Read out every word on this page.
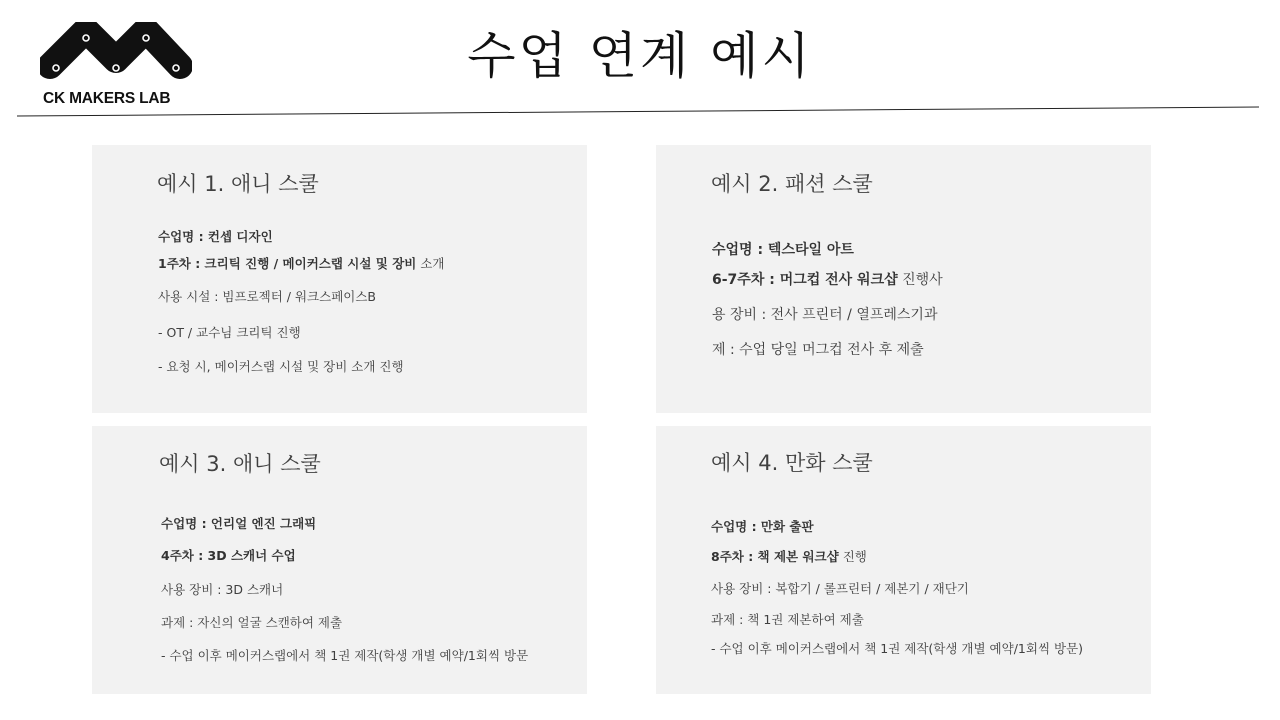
CK MAKERS LAB
수업 연계 예시
예시 1. 애니 스쿨

수업명 : 컨셉 디자인

1주차 : 크리틱 진행 / 메이커스랩 시설 및 장비 소개

사용 시설 : 빔프로젝터 / 워크스페이스B

- OT / 교수님 크리틱 진행

- 요청 시, 메이커스랩 시설 및 장비 소개 진행

예시 2. 패션 스쿨

수업명 : 텍스타일 아트

6-7주차 : 머그컵 전사 워크샵 진행사

용 장비 : 전사 프린터 / 열프레스기과

제 : 수업 당일 머그컵 전사 후 제출

예시 3. 애니 스쿨

수업명 : 언리얼 엔진 그래픽

4주차 : 3D 스캐너 수업

사용 장비 : 3D 스캐너

과제 : 자신의 얼굴 스캔하여 제출

- 수업 이후 메이커스랩에서 책 1권 제작(학생 개별 예약/1회씩 방문

예시 4. 만화 스쿨

수업명 : 만화 출판

8주차 : 책 제본 워크샵 진행

사용 장비 : 복합기 / 롤프린터 / 제본기 / 재단기

과제 : 책 1권 제본하여 제출

- 수업 이후 메이커스랩에서 책 1권 제작(학생 개별 예약/1회씩 방문)
